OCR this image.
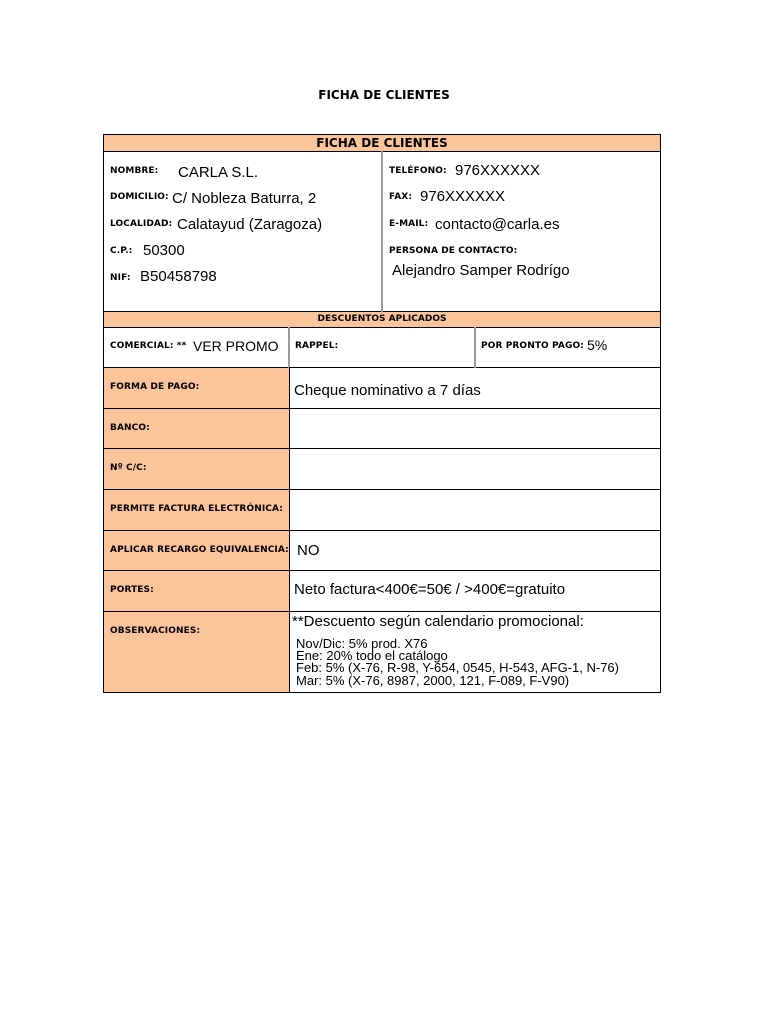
FICHA DE CLIENTES
FICHA DE CLIENTES
DESCUENTOS APLICADOS
NOMBRE: CARLA S.L.
DOMICILIO: C/ Nobleza Baturra, 2
LOCALIDAD: Calatayud (Zaragoza)
C.P.: 50300
NIF: B50458798
TELÉFONO: 976XXXXXX
FAX: 976XXXXXX
E-MAIL: contacto@carla.es
PERSONA DE CONTACTO:
Alejandro Samper Rodrígo
COMERCIAL: ** VER PROMO RAPPEL:	POR PRONTO PAGO: 5%
FORMA DE PAGO:	Cheque nominativo a 7 días
BANCO:
Nº C/C:
PERMITE FACTURA ELECTRÓNICA:
APLICAR RECARGO EQUIVALENCIA: NO
PORTES:	Neto factura<400€=50€ / >400€=gratuito
OBSERVACIONES:
**Descuento según calendario promocional:
Nov/Dic: 5% prod. X76
Ene: 20% todo el catálogo
Feb: 5% (X-76, R-98, Y-654, 0545, H-543, AFG-1, N-76)
Mar: 5% (X-76, 8987, 2000, 121, F-089, F-V90)
